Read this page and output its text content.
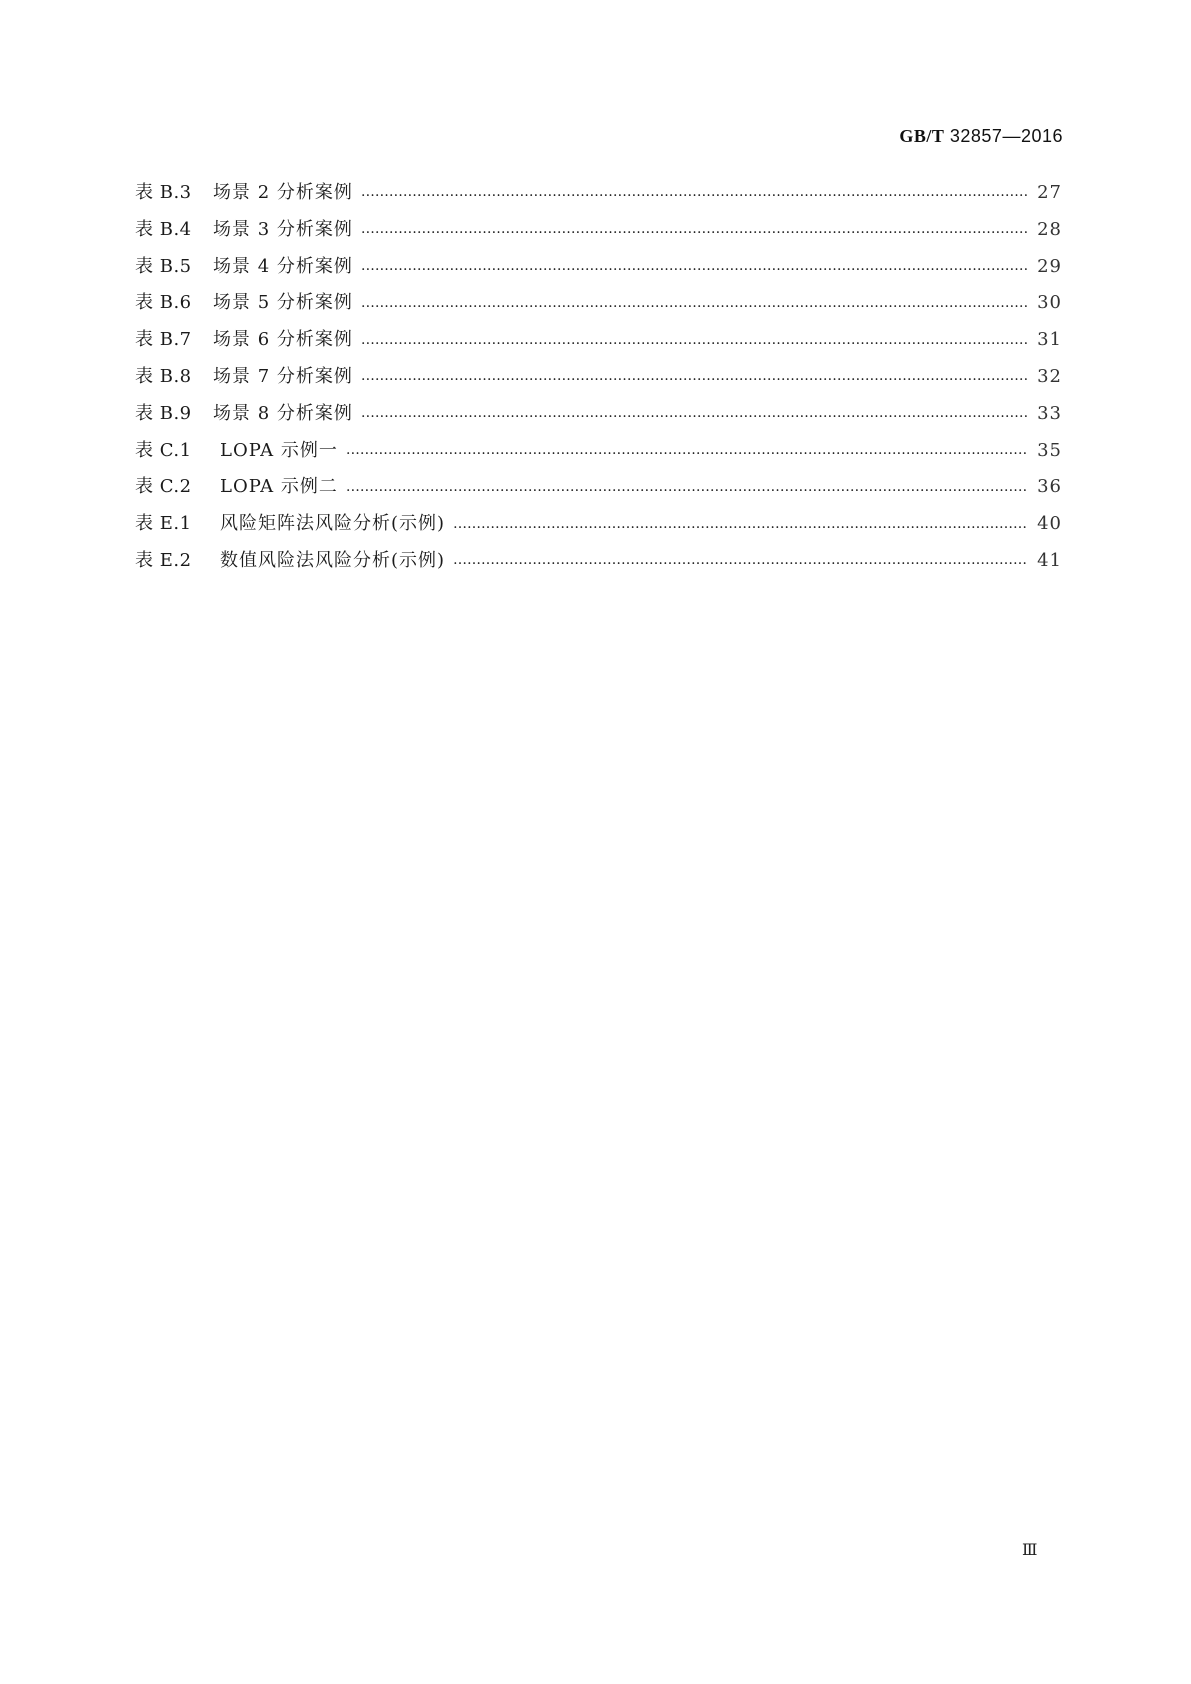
GB/T 32857—2016
表 B.3	场景 2 分析案例 ……………………………………………………………………………………………………………………………………………………………………………………………………	27
表 B.4	场景 3 分析案例 ……………………………………………………………………………………………………………………………………………………………………………………………………	28
表 B.5	场景 4 分析案例 ……………………………………………………………………………………………………………………………………………………………………………………………………	29
表 B.6	场景 5 分析案例 ……………………………………………………………………………………………………………………………………………………………………………………………………	30
表 B.7	场景 6 分析案例 ……………………………………………………………………………………………………………………………………………………………………………………………………	31
表 B.8	场景 7 分析案例 ……………………………………………………………………………………………………………………………………………………………………………………………………	32
表 B.9	场景 8 分析案例 ……………………………………………………………………………………………………………………………………………………………………………………………………	33
表 C.1	LOPA 示例一 ……………………………………………………………………………………………………………………………………………………………………………………………………	35
表 C.2	LOPA 示例二 ……………………………………………………………………………………………………………………………………………………………………………………………………	36
表 E.1	风险矩阵法风险分析(示例) ……………………………………………………………………………………………………………………………………………………………………………………………………	40
表 E.2	数值风险法风险分析(示例) ……………………………………………………………………………………………………………………………………………………………………………………………………	41
Ⅲ
